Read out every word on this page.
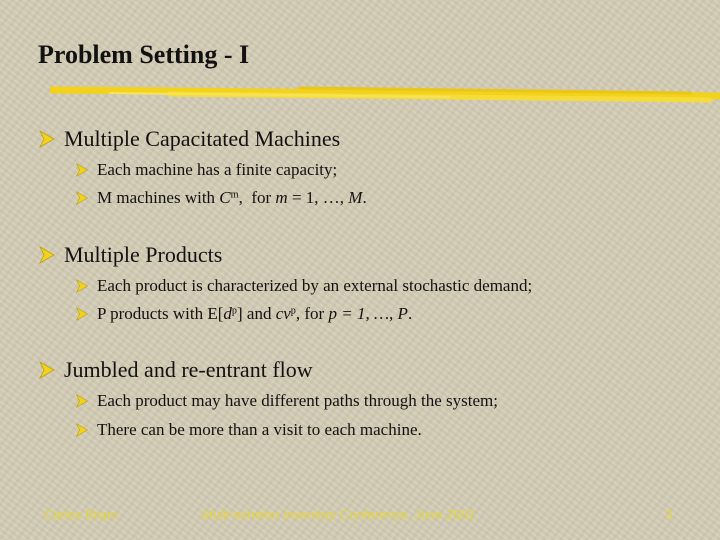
Problem Setting - I
Multiple Capacitated Machines
Each machine has a finite capacity;
M machines with $C^m$,  for m = 1, …, M.
Multiple Products
Each product is characterized by an external stochastic demand;
P products with $E[d^p]$ and $cv^p$, for p = 1, …, P.
Jumbled and re-entrant flow
Each product may have different paths through the system;
There can be more than a visit to each machine.
Carlos Bispo	Multi-echelon Inventory Conference, June 2001	3
